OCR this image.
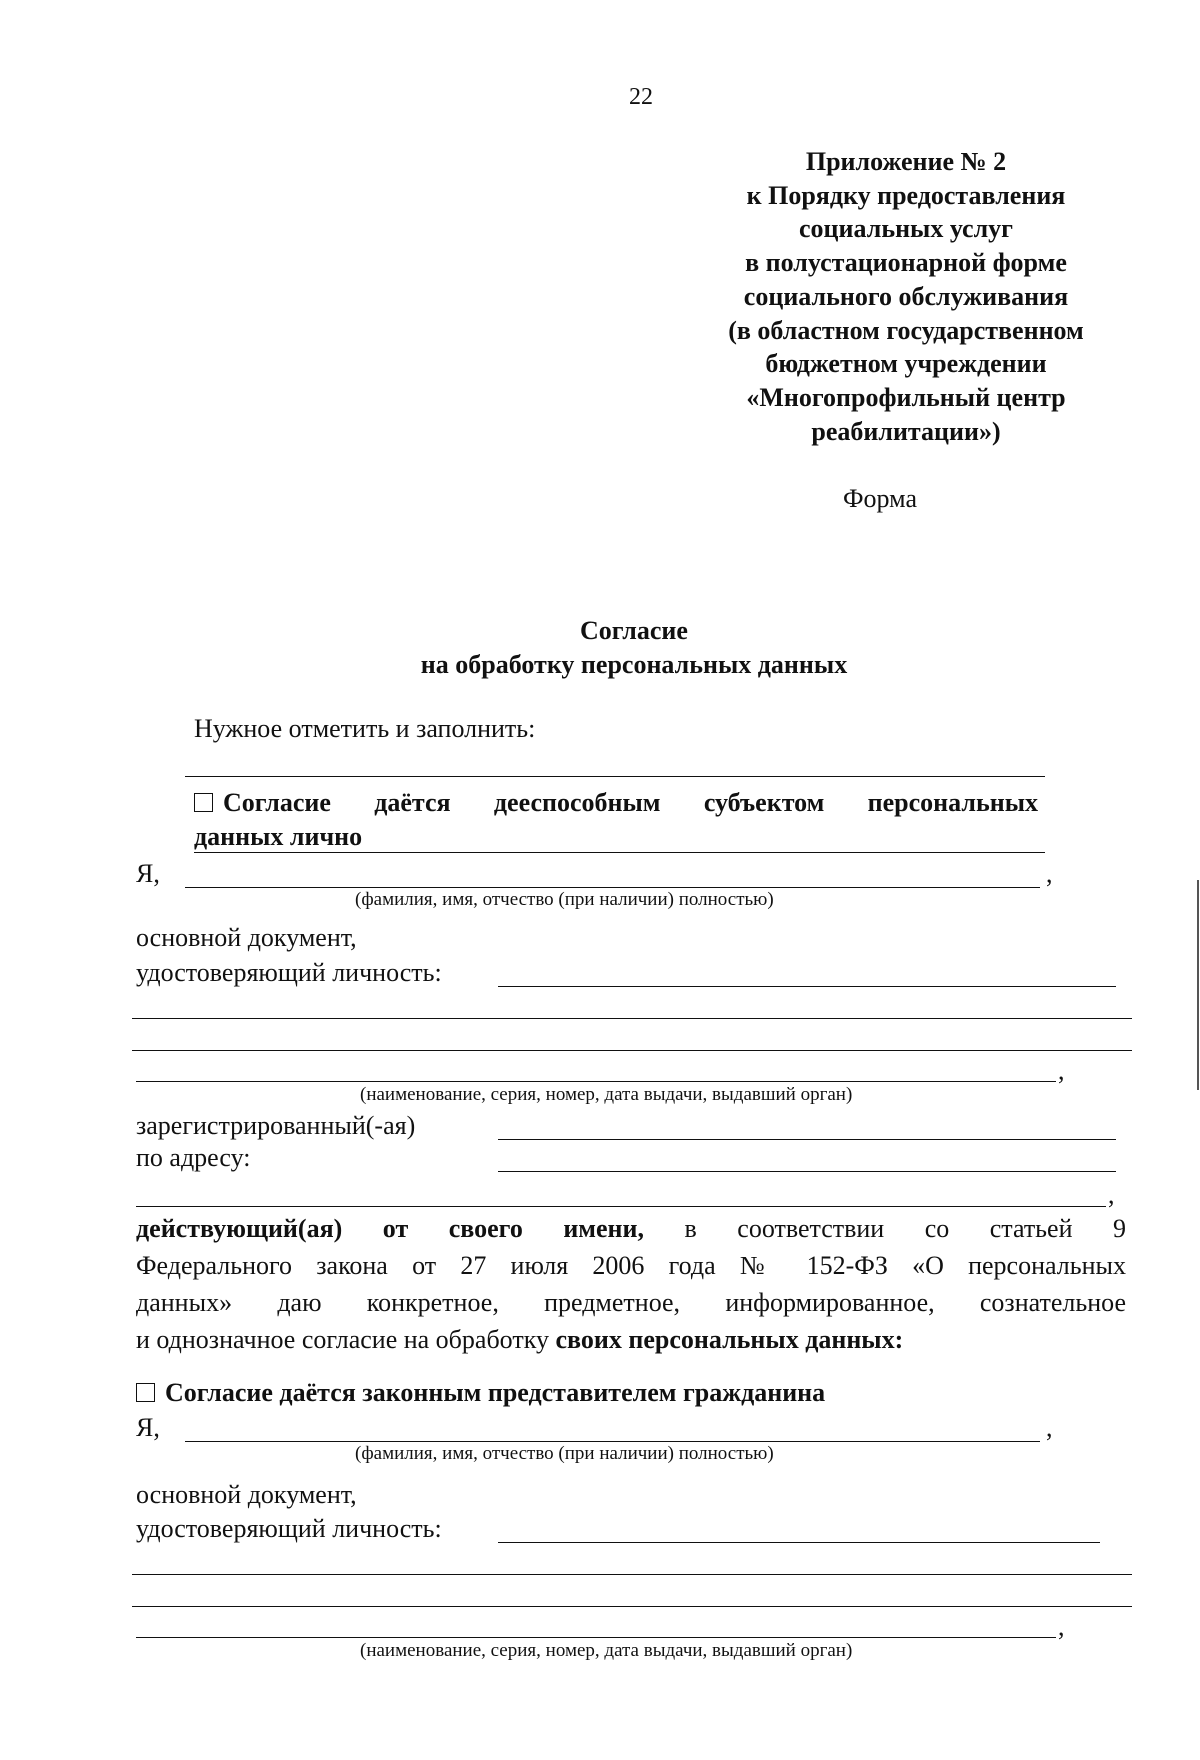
22
Приложение № 2
к Порядку предоставления
социальных услуг
в полустационарной форме
социального обслуживания
(в областном государственном
бюджетном учреждении
«Многопрофильный центр
реабилитации»)
Форма
Согласие
на обработку персональных данных
Нужное отметить и заполнить:
Согласие даётся дееспособным субъектом персональных
данных лично
Я,	,
(фамилия, имя, отчество (при наличии) полностью)
основной документ,
удостоверяющий личность:
,
(наименование, серия, номер, дата выдачи, выдавший орган)
зарегистрированный(-ая)
по адресу:
,
действующий(ая) от своего имени, в соответствии со статьей 9
Федерального закона от 27 июля 2006 года № 152-ФЗ «О персональных
данных» даю конкретное, предметное, информированное, сознательное
и однозначное согласие на обработку своих персональных данных:
Согласие даётся законным представителем гражданина
Я,	,
(фамилия, имя, отчество (при наличии) полностью)
основной документ,
удостоверяющий личность:
,
(наименование, серия, номер, дата выдачи, выдавший орган)
